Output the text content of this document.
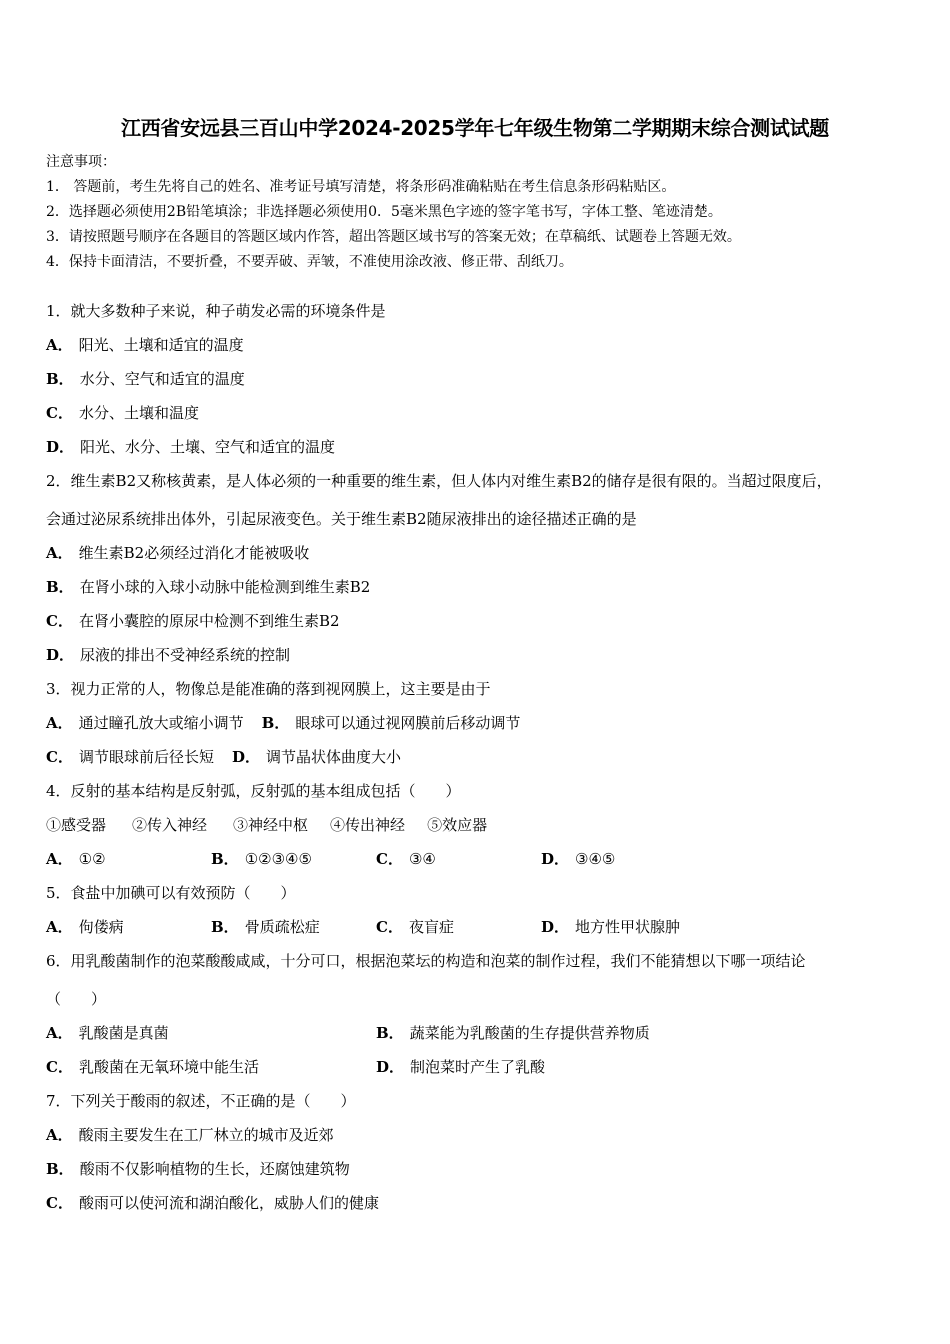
江西省安远县三百山中学2024-2025学年七年级生物第二学期期末综合测试试题
注意事项：
1． 答题前，考生先将自己的姓名、准考证号填写清楚，将条形码准确粘贴在考生信息条形码粘贴区。
2．选择题必须使用2B铅笔填涂；非选择题必须使用0．5毫米黑色字迹的签字笔书写，字体工整、笔迹清楚。
3．请按照题号顺序在各题目的答题区域内作答，超出答题区域书写的答案无效；在草稿纸、试题卷上答题无效。
4．保持卡面清洁，不要折叠，不要弄破、弄皱，不准使用涂改液、修正带、刮纸刀。
1．就大多数种子来说，种子萌发必需的环境条件是
A． 阳光、土壤和适宜的温度
B． 水分、空气和适宜的温度
C． 水分、土壤和温度
D． 阳光、水分、土壤、空气和适宜的温度
2．维生素B2又称核黄素，是人体必须的一种重要的维生素，但人体内对维生素B2的储存是很有限的。当超过限度后，
会通过泌尿系统排出体外，引起尿液变色。关于维生素B2随尿液排出的途径描述正确的是
A． 维生素B2必须经过消化才能被吸收
B． 在肾小球的入球小动脉中能检测到维生素B2
C． 在肾小囊腔的原尿中检测不到维生素B2
D． 尿液的排出不受神经系统的控制
3．视力正常的人，物像总是能准确的落到视网膜上，这主要是由于
A． 通过瞳孔放大或缩小调节 B． 眼球可以通过视网膜前后移动调节
C． 调节眼球前后径长短 D． 调节晶状体曲度大小
4．反射的基本结构是反射弧，反射弧的基本组成包括（　　）
①感受器 ②传入神经 ③神经中枢 ④传出神经 ⑤效应器
A． ①②	B． ①②③④⑤	C． ③④	D． ③④⑤
5．食盐中加碘可以有效预防（　　）
A． 佝偻病	B． 骨质疏松症	C． 夜盲症	D． 地方性甲状腺肿
6．用乳酸菌制作的泡菜酸酸咸咸，十分可口，根据泡菜坛的构造和泡菜的制作过程，我们不能猜想以下哪一项结论
（　　）
A． 乳酸菌是真菌	B． 蔬菜能为乳酸菌的生存提供营养物质
C． 乳酸菌在无氧环境中能生活	D． 制泡菜时产生了乳酸
7．下列关于酸雨的叙述，不正确的是（　　）
A． 酸雨主要发生在工厂林立的城市及近郊
B． 酸雨不仅影响植物的生长，还腐蚀建筑物
C． 酸雨可以使河流和湖泊酸化，威胁人们的健康
